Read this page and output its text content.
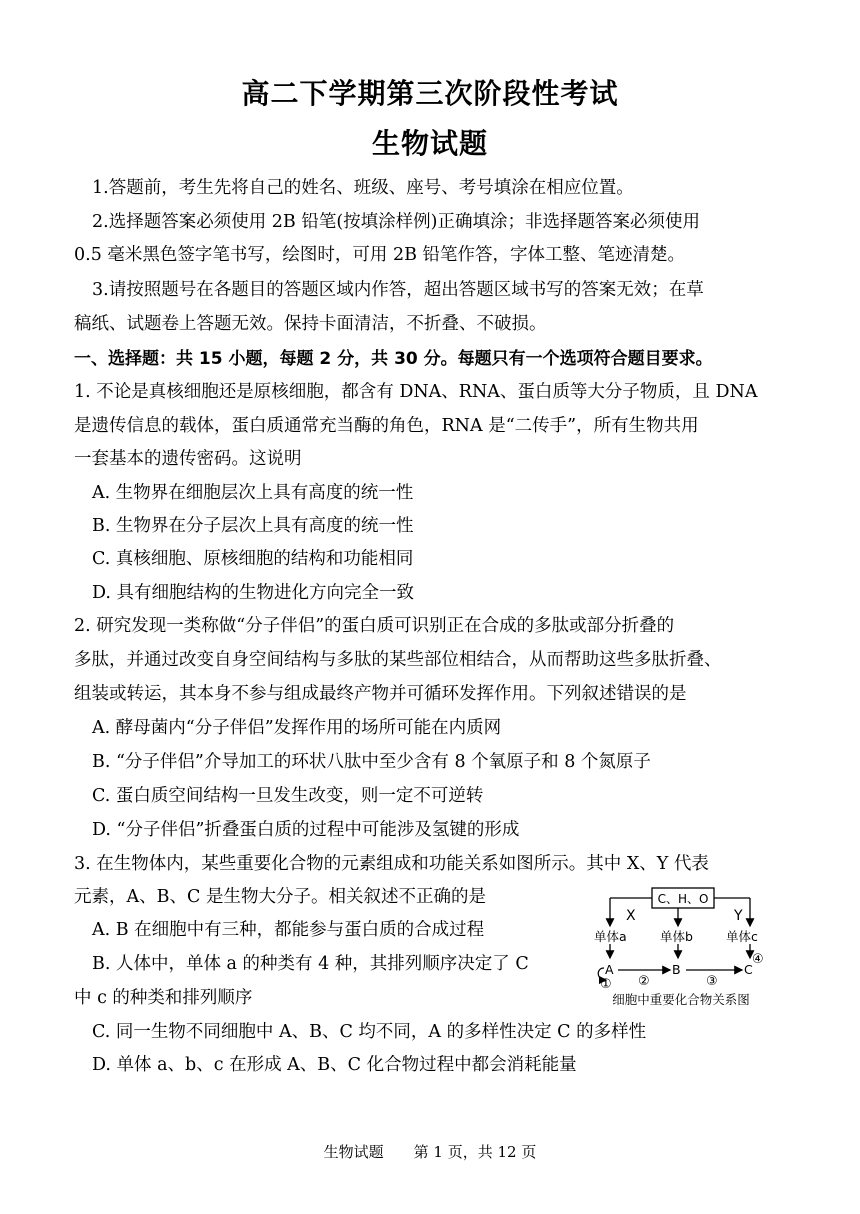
高二下学期第三次阶段性考试
生物试题
1.答题前，考生先将自己的姓名、班级、座号、考号填涂在相应位置。
2.选择题答案必须使用 2B 铅笔(按填涂样例)正确填涂；非选择题答案必须使用
0.5 毫米黑色签字笔书写，绘图时，可用 2B 铅笔作答，字体工整、笔迹清楚。
3.请按照题号在各题目的答题区域内作答，超出答题区域书写的答案无效；在草
稿纸、试题卷上答题无效。保持卡面清洁，不折叠、不破损。
一、选择题：共 15 小题，每题 2 分，共 30 分。每题只有一个选项符合题目要求。
1. 不论是真核细胞还是原核细胞，都含有 DNA、RNA、蛋白质等大分子物质，且 DNA
是遗传信息的载体，蛋白质通常充当酶的角色，RNA 是“二传手”，所有生物共用
一套基本的遗传密码。这说明
A. 生物界在细胞层次上具有高度的统一性
B. 生物界在分子层次上具有高度的统一性
C. 真核细胞、原核细胞的结构和功能相同
D. 具有细胞结构的生物进化方向完全一致
2. 研究发现一类称做“分子伴侣”的蛋白质可识别正在合成的多肽或部分折叠的
多肽，并通过改变自身空间结构与多肽的某些部位相结合，从而帮助这些多肽折叠、
组装或转运，其本身不参与组成最终产物并可循环发挥作用。下列叙述错误的是
A. 酵母菌内“分子伴侣”发挥作用的场所可能在内质网
B. “分子伴侣”介导加工的环状八肽中至少含有 8 个氧原子和 8 个氮原子
C. 蛋白质空间结构一旦发生改变，则一定不可逆转
D. “分子伴侣”折叠蛋白质的过程中可能涉及氢键的形成
3. 在生物体内，某些重要化合物的元素组成和功能关系如图所示。其中 X、Y 代表
元素，A、B、C 是生物大分子。相关叙述不正确的是
A. B 在细胞中有三种，都能参与蛋白质的合成过程
B. 人体中，单体 a 的种类有 4 种，其排列顺序决定了 C
中 c 的种类和排列顺序
C. 同一生物不同细胞中 A、B、C 均不同，A 的多样性决定 C 的多样性
D. 单体 a、b、c 在形成 A、B、C 化合物过程中都会消耗能量
C、H、O
X	Y
单体a	单体b	单体c
A	B	C
① ②	③
④
细胞中重要化合物关系图
生物试题　　第 1 页，共 12 页
